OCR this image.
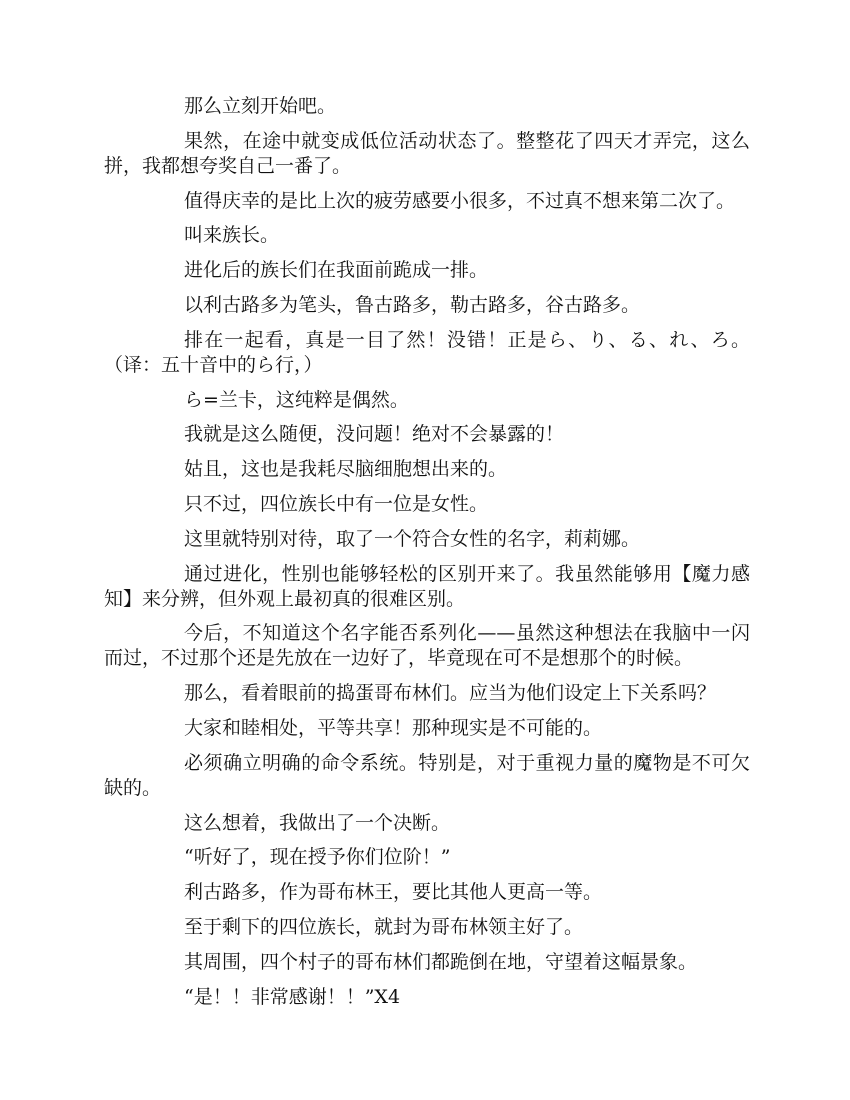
那么立刻开始吧。

果然，在途中就变成低位活动状态了。整整花了四天才弄完，这么拼，我都想夸奖自己一番了。

值得庆幸的是比上次的疲劳感要小很多，不过真不想来第二次了。

叫来族长。

进化后的族长们在我面前跪成一排。

以利古路多为笔头，鲁古路多，勒古路多，谷古路多。

排在一起看，真是一目了然！没错！正是ら、り、る、れ、ろ。（译：五十音中的ら行，）

ら=兰卡，这纯粹是偶然。

我就是这么随便，没问题！绝对不会暴露的！

姑且，这也是我耗尽脑细胞想出来的。

只不过，四位族长中有一位是女性。

这里就特别对待，取了一个符合女性的名字，莉莉娜。

通过进化，性别也能够轻松的区别开来了。我虽然能够用【魔力感知】来分辨，但外观上最初真的很难区别。

今后，不知道这个名字能否系列化——虽然这种想法在我脑中一闪而过，不过那个还是先放在一边好了，毕竟现在可不是想那个的时候。

那么，看着眼前的捣蛋哥布林们。应当为他们设定上下关系吗？

大家和睦相处，平等共享！那种现实是不可能的。

必须确立明确的命令系统。特别是，对于重视力量的魔物是不可欠缺的。

这么想着，我做出了一个决断。

“听好了，现在授予你们位阶！”

利古路多，作为哥布林王，要比其他人更高一等。

至于剩下的四位族长，就封为哥布林领主好了。

其周围，四个村子的哥布林们都跪倒在地，守望着这幅景象。

“是！！非常感谢！！”X4
